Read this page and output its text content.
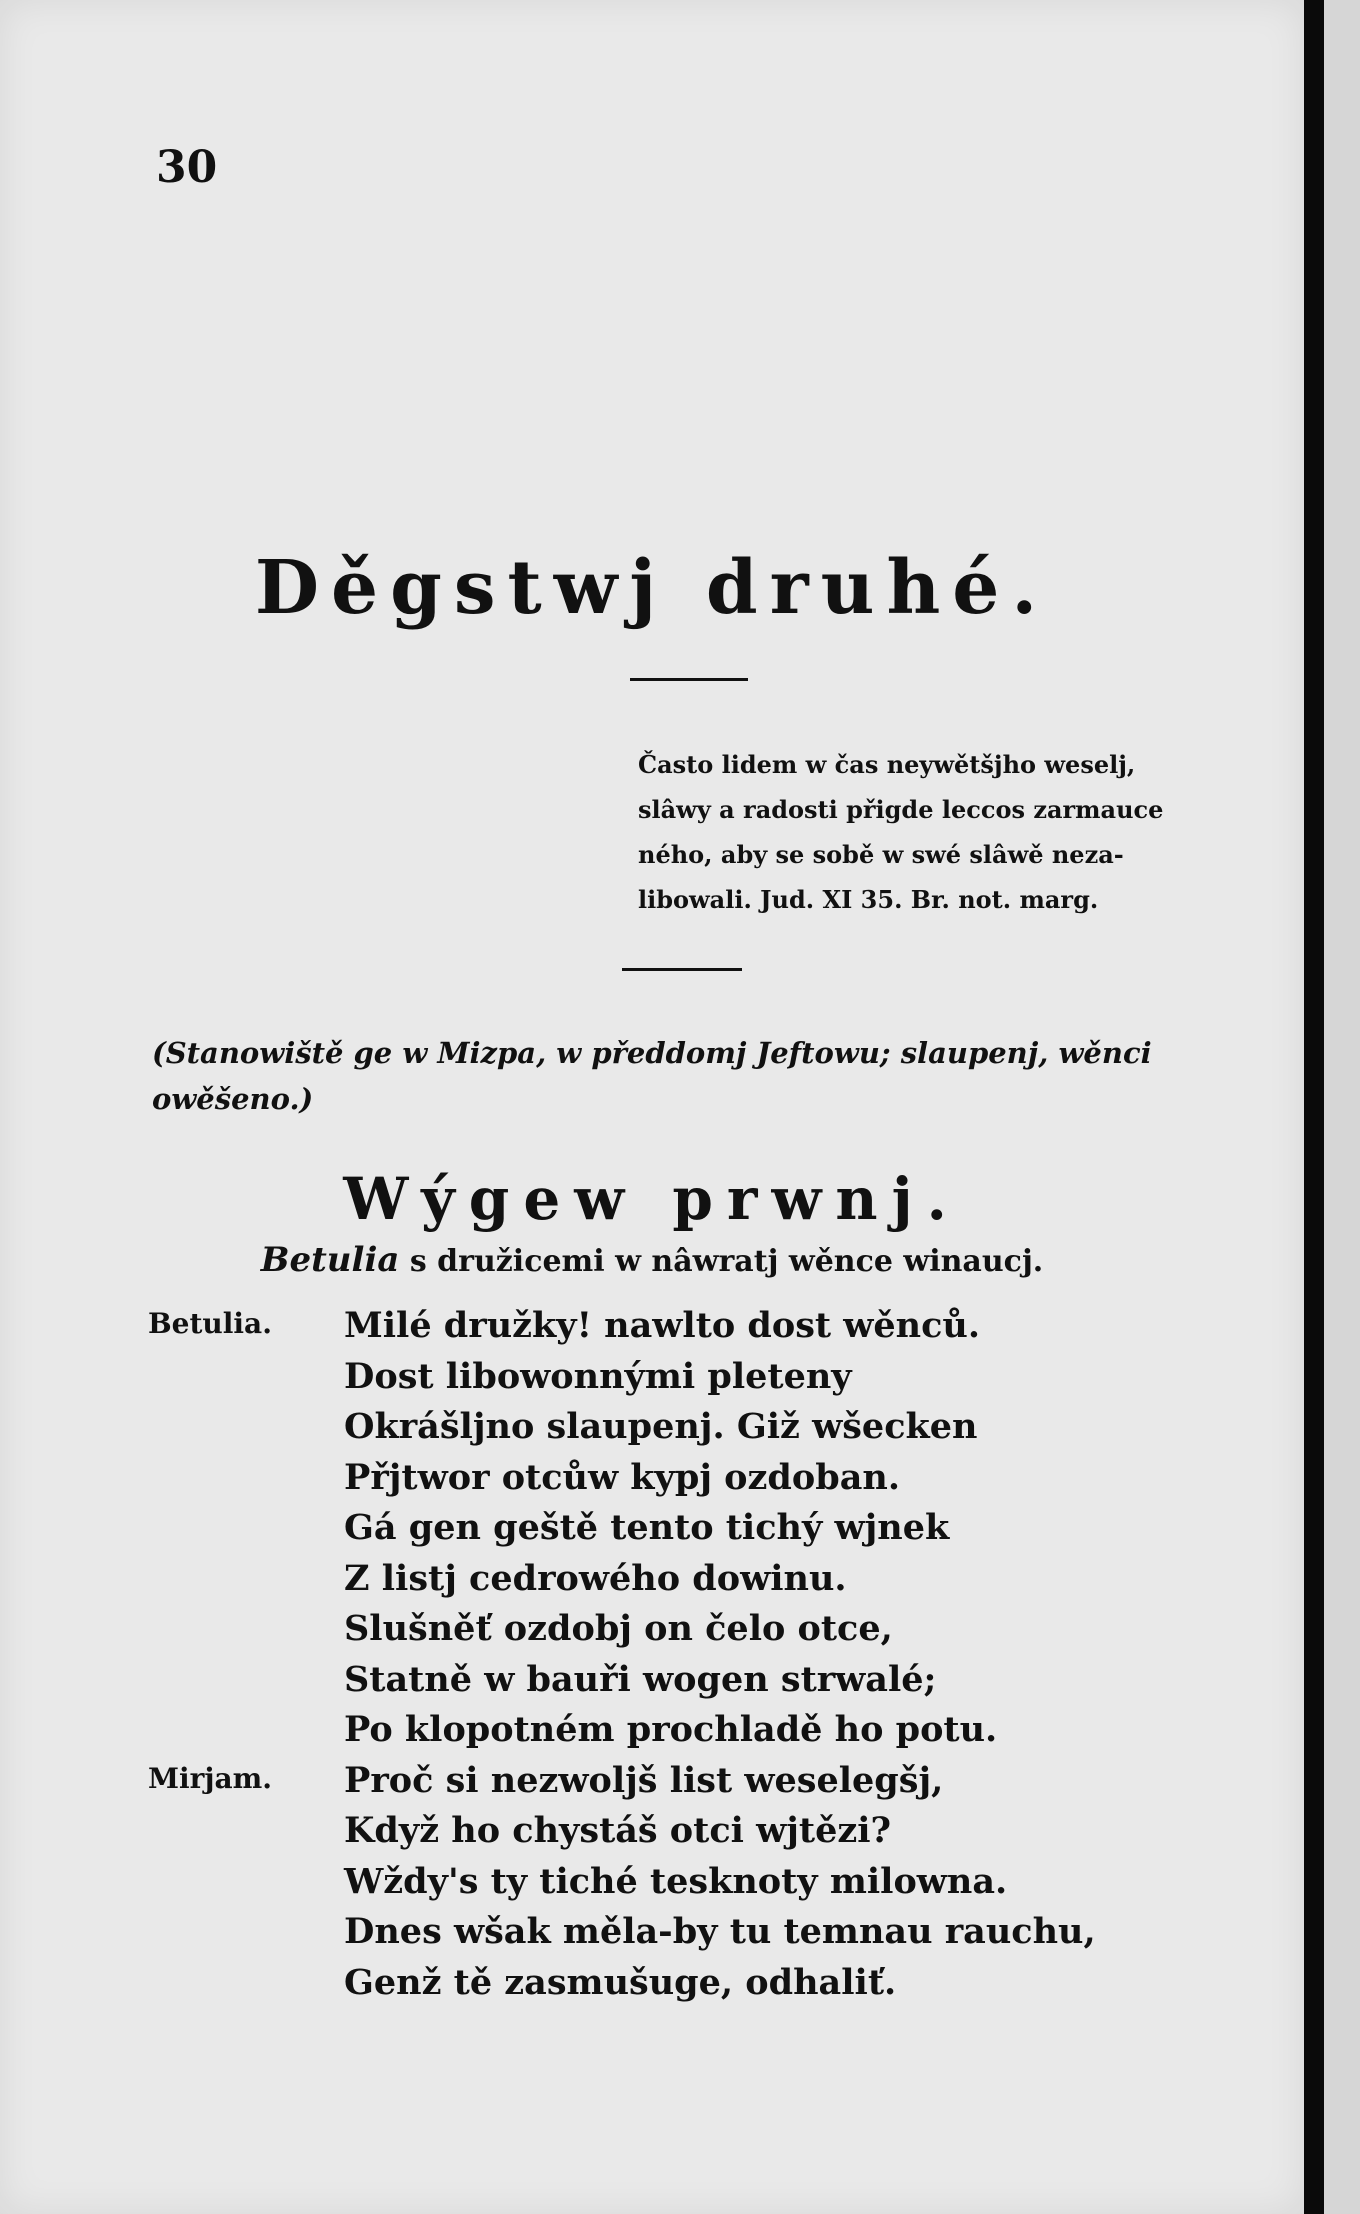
30
Děgstwj druhé.
Často lidem w čas neywětšjho weselj,
slâwy a radosti přigde leccos zarmauce
ného, aby se sobě w swé slâwě neza-
libowali. Jud. XI 35. Br. not. marg.
(Stanowiště ge w Mizpa, w předdomj Jeftowu; slaupenj, wěnci owěšeno.)
Wýgew prwnj.
Betulia s družicemi w nâwratj wěnce winaucj.
Betulia. Milé družky! nawlto dost wěnců.
Dost libowonnými pleteny
Okrášljno slaupenj. Giž wšecken
Přjtwor otcůw kypj ozdoban.
Gá gen geště tento tichý wjnek
Z listj cedrowého dowinu.
Slušněť ozdobj on čelo otce,
Statně w bauři wogen strwalé;
Po klopotném prochladě ho potu.
Mirjam. Proč si nezwoljš list weselegšj,
Když ho chystáš otci wjtězi?
Wždy's ty tiché tesknoty milowna.
Dnes wšak měla-by tu temnau rauchu,
Genž tě zasmušuge, odhaliť.
